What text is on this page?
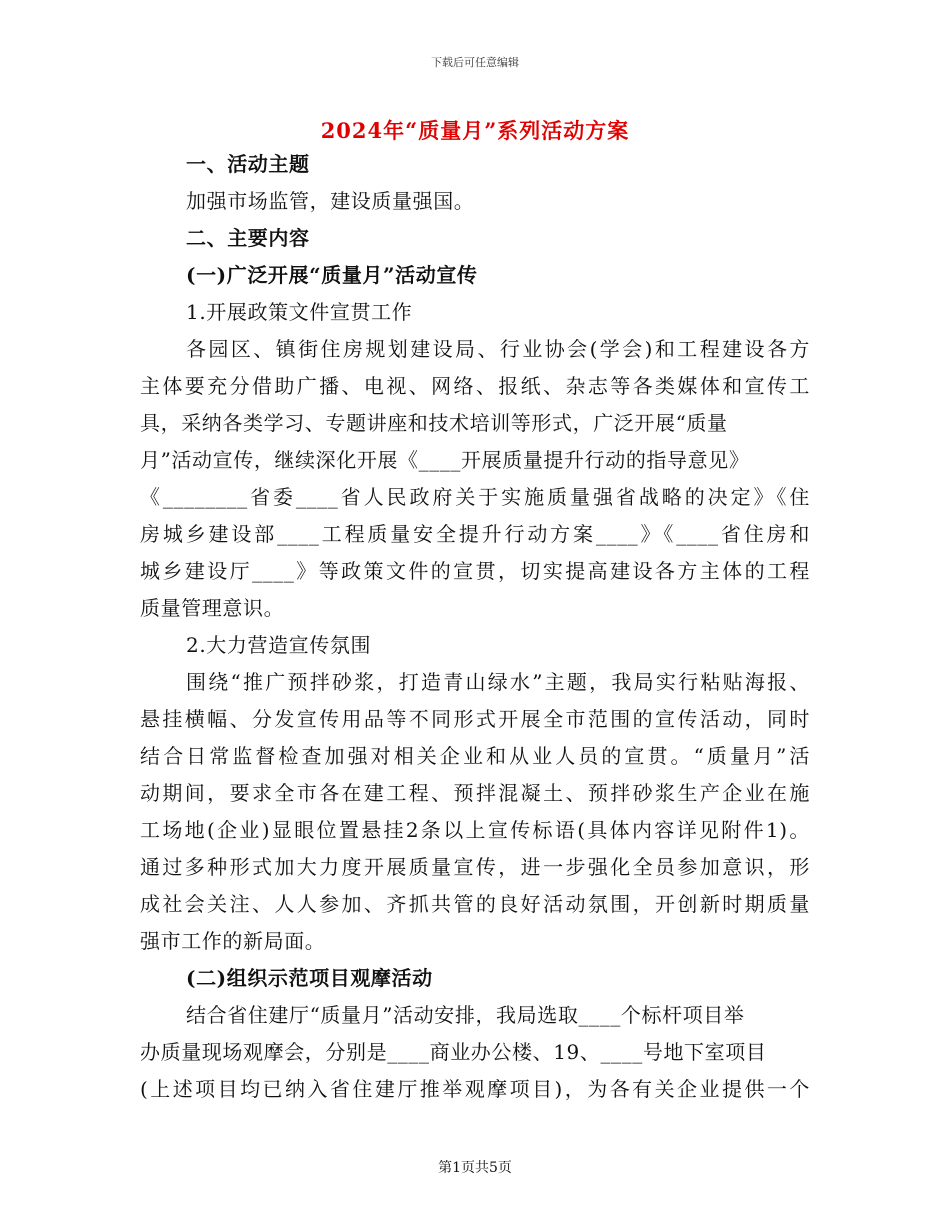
下载后可任意编辑
2024年“质量月”系列活动方案
一、活动主题
加强市场监管，建设质量强国。
二、主要内容
(一)广泛开展“质量月”活动宣传
1.开展政策文件宣贯工作
各园区、镇街住房规划建设局、行业协会(学会)和工程建设各方
主体要充分借助广播、电视、网络、报纸、杂志等各类媒体和宣传工
具，采纳各类学习、专题讲座和技术培训等形式，广泛开展“质量
月”活动宣传，继续深化开展《____开展质量提升行动的指导意见》
《________省委____省人民政府关于实施质量强省战略的决定》《住
房城乡建设部____工程质量安全提升行动方案____》《____省住房和
城乡建设厅____》等政策文件的宣贯，切实提高建设各方主体的工程
质量管理意识。
2.大力营造宣传氛围
围绕“推广预拌砂浆，打造青山绿水”主题，我局实行粘贴海报、
悬挂横幅、分发宣传用品等不同形式开展全市范围的宣传活动，同时
结合日常监督检查加强对相关企业和从业人员的宣贯。“质量月”活
动期间，要求全市各在建工程、预拌混凝土、预拌砂浆生产企业在施
工场地(企业)显眼位置悬挂2条以上宣传标语(具体内容详见附件1)。
通过多种形式加大力度开展质量宣传，进一步强化全员参加意识，形
成社会关注、人人参加、齐抓共管的良好活动氛围，开创新时期质量
强市工作的新局面。
(二)组织示范项目观摩活动
结合省住建厅“质量月”活动安排，我局选取____个标杆项目举
办质量现场观摩会，分别是____商业办公楼、19、____号地下室项目
(上述项目均已纳入省住建厅推举观摩项目)，为各有关企业提供一个
第1页共5页
